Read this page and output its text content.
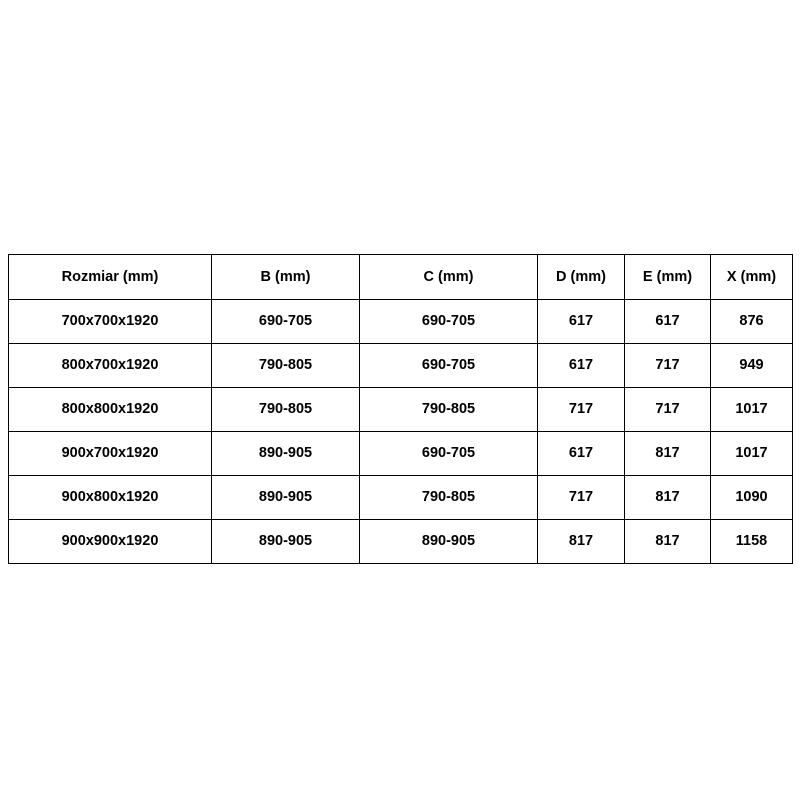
Rozmiar (mm)	B (mm)	C (mm)	D (mm)	E (mm)	X (mm)
700x700x1920	690-705	690-705	617	617	876
800x700x1920	790-805	690-705	617	717	949
800x800x1920	790-805	790-805	717	717	1017
900x700x1920	890-905	690-705	617	817	1017
900x800x1920	890-905	790-805	717	817	1090
900x900x1920	890-905	890-905	817	817	1158
